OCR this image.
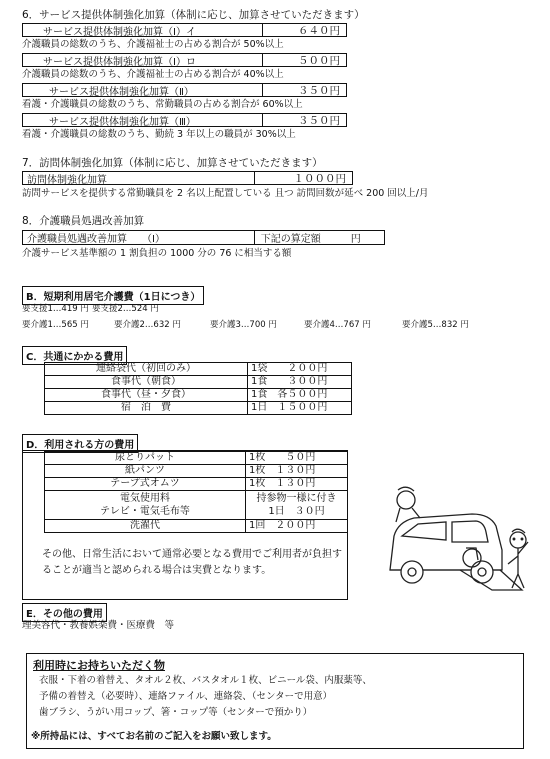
6．サービス提供体制強化加算（体制に応じ、加算させていただきます）
サービス提供体制強化加算（Ⅰ）イ	６４０円
介護職員の総数のうち、介護福祉士の占める割合が 50%以上
サービス提供体制強化加算（Ⅰ）ロ	５００円
介護職員の総数のうち、介護福祉士の占める割合が 40%以上
サービス提供体制強化加算（Ⅱ）	３５０円
看護・介護職員の総数のうち、常勤職員の占める割合が 60%以上
サービス提供体制強化加算（Ⅲ）	３５０円
看護・介護職員の総数のうち、勤続 3 年以上の職員が 30%以上
7．訪問体制強化加算（体制に応じ、加算させていただきます）
訪問体制強化加算	１０００円
訪問サービスを提供する常勤職員を 2 名以上配置している 且つ 訪問回数が延べ 200 回以上/月
8．介護職員処遇改善加算
介護職員処遇改善加算　　（Ⅰ）	下記の算定額　　　円
介護サービス基準額の 1 割負担の 1000 分の 76 に相当する額
B．短期利用居宅介護費（1日につき）
要支援1…419 円 要支援2…524 円
要介護1…565 円	要介護2…632 円	要介護3…700 円	要介護4…767 円	要介護5…832 円
C．共通にかかる費用
連絡袋代（初回のみ）	1袋　　２００円
食事代（朝食）	1食　　３００円
食事代（昼・夕食）	1食　各５００円
宿　泊　費	1日　１５００円
D．利用される方の費用
尿とりパット	1枚　　５０円
紙パンツ	1枚　１３０円
テープ式オムツ	1枚　１３０円
電気使用料
テレビ・電気毛布等	持参物一様に付き
1日　３０円
洗濯代	1回　２００円
その他、日常生活において通常必要となる費用でご利用者が負担することが適当と認められる場合は実費となります。
E．その他の費用
理美容代・教養娯楽費・医療費　等
利用時にお持ちいただく物
衣服・下着の着替え、タオル２枚、バスタオル１枚、ビニール袋、内服薬等、
予備の着替え（必要時）、連絡ファイル、連絡袋、（センターで用意）
歯ブラシ、うがい用コップ、箸・コップ等（センターで預かり）
※所持品には、すべてお名前のご記入をお願い致します。
